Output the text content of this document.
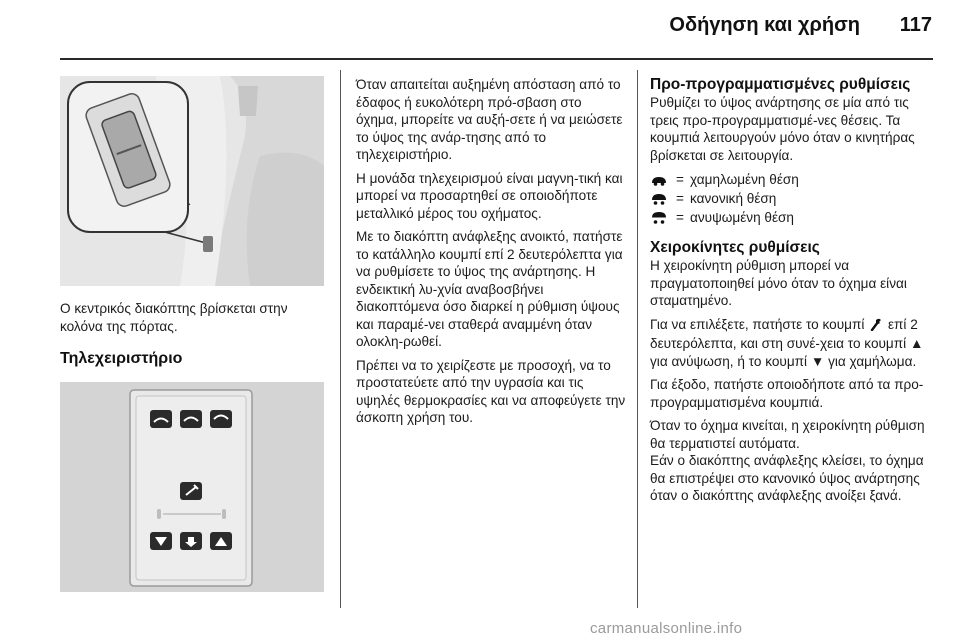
Οδήγηση και χρήση	117
Ο κεντρικός διακόπτης βρίσκεται στην κολόνα της πόρτας.
Τηλεχειριστήριο

Όταν απαιτείται αυξημένη απόσταση από το έδαφος ή ευκολότερη πρό-σβαση στο όχημα, μπορείτε να αυξή-σετε ή να μειώσετε το ύψος της ανάρ-τησης από το τηλεχειριστήριο.

Η μονάδα τηλεχειρισμού είναι μαγνη-τική και μπορεί να προσαρτηθεί σε οποιοδήποτε μεταλλικό μέρος του οχήματος.

Με το διακόπτη ανάφλεξης ανοικτό, πατήστε το κατάλληλο κουμπί επί 2 δευτερόλεπτα για να ρυθμίσετε το ύψος της ανάρτησης. Η ενδεικτική λυ-χνία αναβοσβήνει διακοπτόμενα όσο διαρκεί η ρύθμιση ύψους και παραμέ-νει σταθερά αναμμένη όταν ολοκλη-ρωθεί.

Πρέπει να το χειρίζεστε με προσοχή, να το προστατεύετε από την υγρασία και τις υψηλές θερμοκρασίες και να αποφεύγετε την άσκοπη χρήση του.

Προ-προγραμματισμένες ρυθμίσεις

Ρυθμίζει το ύψος ανάρτησης σε μία από τις τρεις προ-προγραμματισμέ-νες θέσεις. Τα κουμπιά λειτουργούν μόνο όταν ο κινητήρας βρίσκεται σε λειτουργία.

= χαμηλωμένη θέση
= κανονική θέση
= ανυψωμένη θέση

Χειροκίνητες ρυθμίσεις

Η χειροκίνητη ρύθμιση μπορεί να πραγματοποιηθεί μόνο όταν το όχημα είναι σταματημένο.

Για να επιλέξετε, πατήστε το κουμπί επί 2 δευτερόλεπτα, και στη συνέ-χεια το κουμπί ▲ για ανύψωση, ή το κουμπί ▼ για χαμήλωμα.

Για έξοδο, πατήστε οποιοδήποτε από τα προ-προγραμματισμένα κουμπιά.

Όταν το όχημα κινείται, η χειροκίνητη ρύθμιση θα τερματιστεί αυτόματα.

Εάν ο διακόπτης ανάφλεξης κλείσει, το όχημα θα επιστρέψει στο κανονικό ύψος ανάρτησης όταν ο διακόπτης ανάφλεξης ανοίξει ξανά.

carmanualsonline.info
